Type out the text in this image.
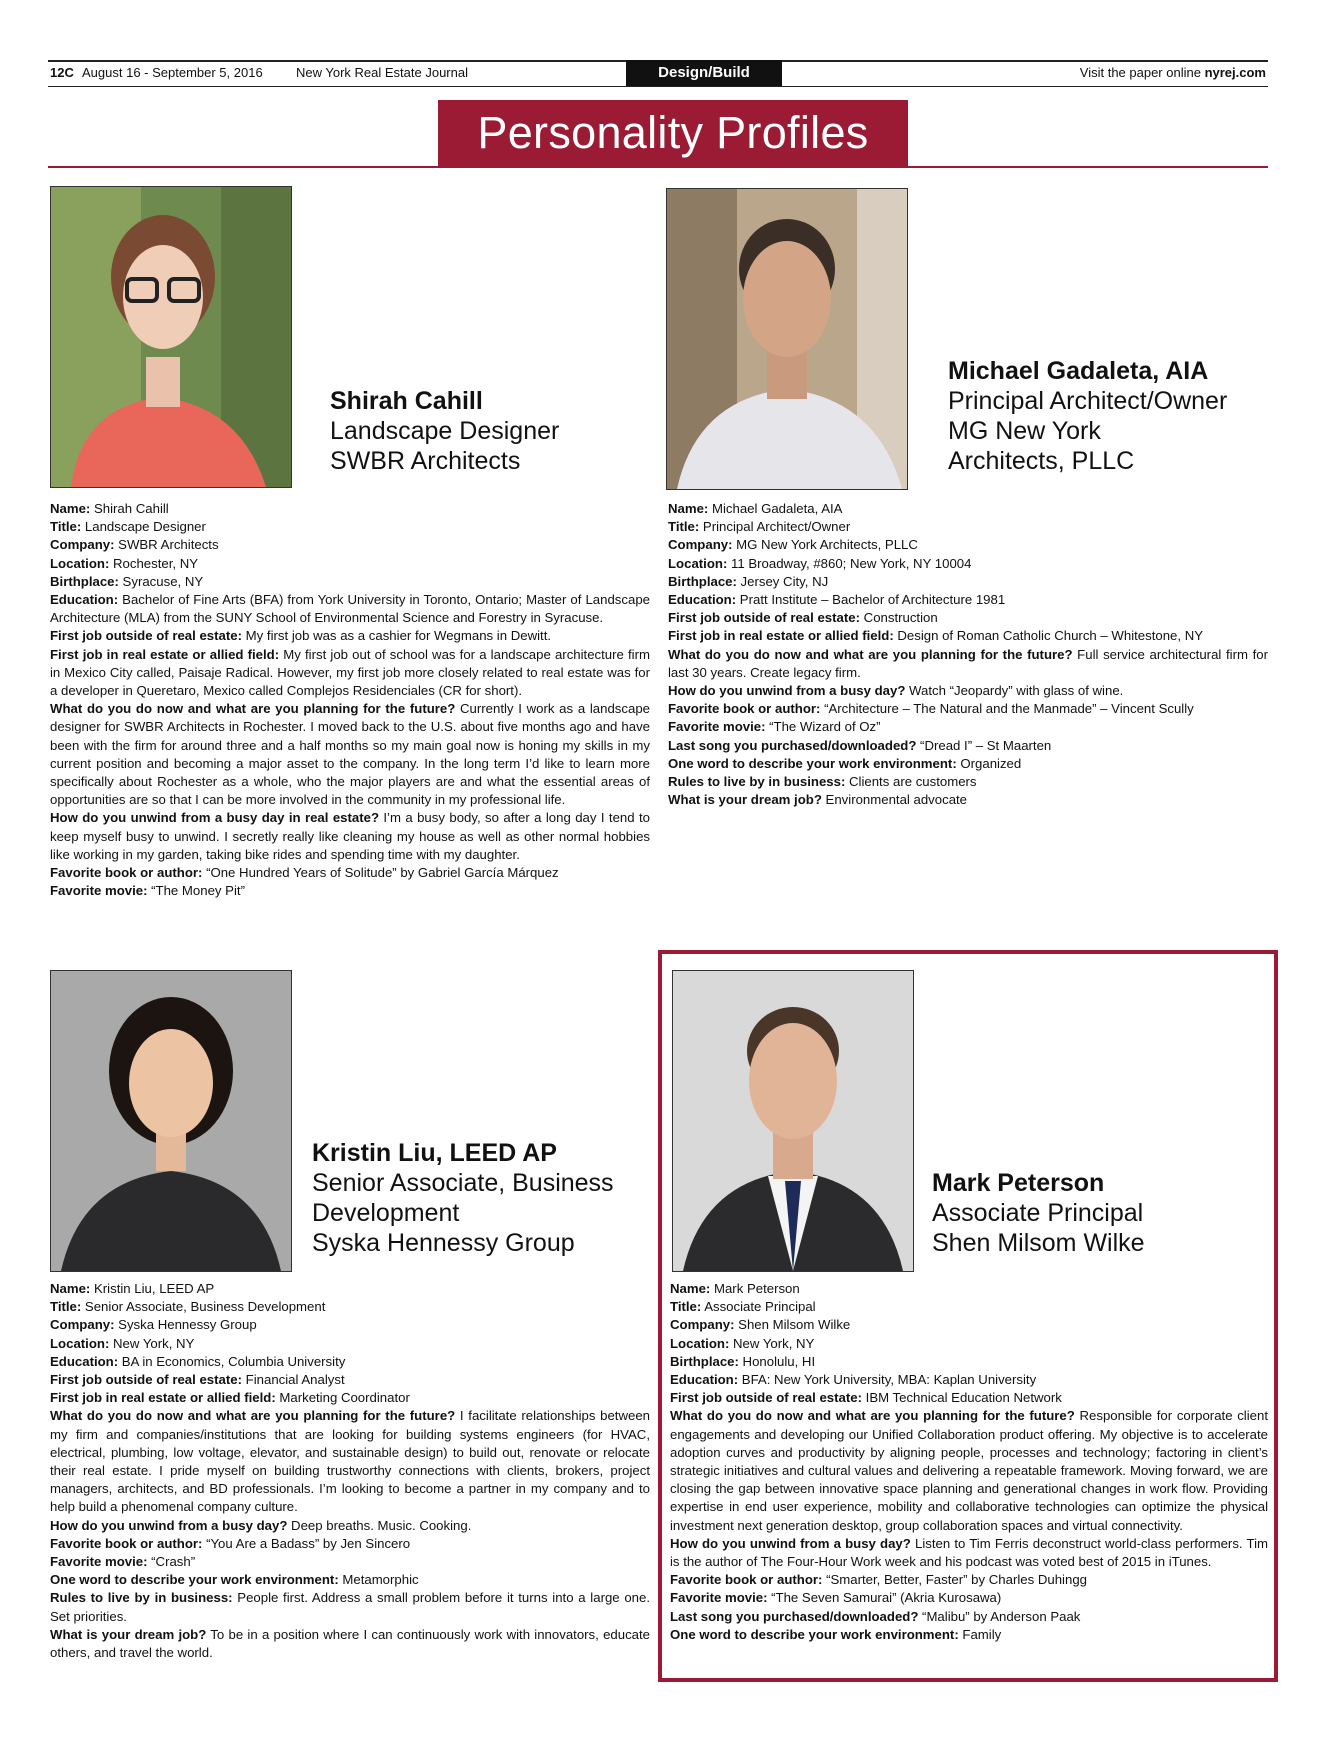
12C August 16 - September 5, 2016	New York Real Estate Journal	Design/Build	Visit the paper online nyrej.com
Personality Profiles
Shirah Cahill
Landscape Designer
SWBR Architects
Michael Gadaleta, AIA
Principal Architect/Owner
MG New York
Architects, PLLC
Kristin Liu, LEED AP
Senior Associate, Business
Development
Syska Hennessy Group
Mark Peterson
Associate Principal
Shen Milsom Wilke

Name: Shirah Cahill

Title: Landscape Designer

Company: SWBR Architects

Location: Rochester, NY

Birthplace: Syracuse, NY

Education: Bachelor of Fine Arts (BFA) from York University in Toronto, Ontario; Master of Landscape Architecture (MLA) from the SUNY School of Environmental Science and Forestry in Syracuse.

First job outside of real estate: My first job was as a cashier for Wegmans in Dewitt.

First job in real estate or allied field: My first job out of school was for a landscape architecture firm in Mexico City called, Paisaje Radical. However, my first job more closely related to real estate was for a developer in Queretaro, Mexico called Complejos Residenciales (CR for short).

What do you do now and what are you planning for the future? Currently I work as a landscape designer for SWBR Architects in Rochester. I moved back to the U.S. about five months ago and have been with the firm for around three and a half months so my main goal now is honing my skills in my current position and becoming a major asset to the company. In the long term I’d like to learn more specifically about Rochester as a whole, who the major players are and what the essential areas of opportunities are so that I can be more involved in the community in my professional life.

How do you unwind from a busy day in real estate? I’m a busy body, so after a long day I tend to keep myself busy to unwind. I secretly really like cleaning my house as well as other normal hobbies like working in my garden, taking bike rides and spending time with my daughter.

Favorite book or author: “One Hundred Years of Solitude” by Gabriel García Márquez

Favorite movie: “The Money Pit”

Name: Michael Gadaleta, AIA

Title: Principal Architect/Owner

Company: MG New York Architects, PLLC

Location: 11 Broadway, #860; New York, NY 10004

Birthplace: Jersey City, NJ

Education: Pratt Institute – Bachelor of Architecture 1981

First job outside of real estate: Construction

First job in real estate or allied field: Design of Roman Catholic Church – Whitestone, NY

What do you do now and what are you planning for the future? Full service architectural firm for last 30 years. Create legacy firm.

How do you unwind from a busy day? Watch “Jeopardy” with glass of wine.

Favorite book or author: “Architecture – The Natural and the Manmade” – Vincent Scully

Favorite movie: “The Wizard of Oz”

Last song you purchased/downloaded? “Dread I” – St Maarten

One word to describe your work environment: Organized

Rules to live by in business: Clients are customers

What is your dream job? Environmental advocate

Name: Kristin Liu, LEED AP

Title: Senior Associate, Business Development

Company: Syska Hennessy Group

Location: New York, NY

Education: BA in Economics, Columbia University

First job outside of real estate: Financial Analyst

First job in real estate or allied field: Marketing Coordinator

What do you do now and what are you planning for the future? I facilitate relationships between my firm and companies/institutions that are looking for building systems engineers (for HVAC, electrical, plumbing, low voltage, elevator, and sustainable design) to build out, renovate or relocate their real estate. I pride myself on building trustworthy connections with clients, brokers, project managers, architects, and BD professionals. I’m looking to become a partner in my company and to help build a phenomenal company culture.

How do you unwind from a busy day? Deep breaths. Music. Cooking.

Favorite book or author: “You Are a Badass” by Jen Sincero

Favorite movie: “Crash”

One word to describe your work environment: Metamorphic

Rules to live by in business: People first. Address a small problem before it turns into a large one. Set priorities.

What is your dream job? To be in a position where I can continuously work with innovators, educate others, and travel the world.

Name: Mark Peterson

Title: Associate Principal

Company: Shen Milsom Wilke

Location: New York, NY

Birthplace: Honolulu, HI

Education: BFA: New York University, MBA: Kaplan University

First job outside of real estate: IBM Technical Education Network

What do you do now and what are you planning for the future? Responsible for corporate client engagements and developing our Unified Collaboration product offering. My objective is to accelerate adoption curves and productivity by aligning people, processes and technology; factoring in client’s strategic initiatives and cultural values and delivering a repeatable framework. Moving forward, we are closing the gap between innovative space planning and generational changes in work flow. Providing expertise in end user experience, mobility and collaborative technologies can optimize the physical investment next generation desktop, group collaboration spaces and virtual connectivity.

How do you unwind from a busy day? Listen to Tim Ferris deconstruct world-class performers. Tim is the author of The Four-Hour Work week and his podcast was voted best of 2015 in iTunes.

Favorite book or author: “Smarter, Better, Faster” by Charles Duhingg

Favorite movie: “The Seven Samurai” (Akria Kurosawa)

Last song you purchased/downloaded? “Malibu” by Anderson Paak

One word to describe your work environment: Family
